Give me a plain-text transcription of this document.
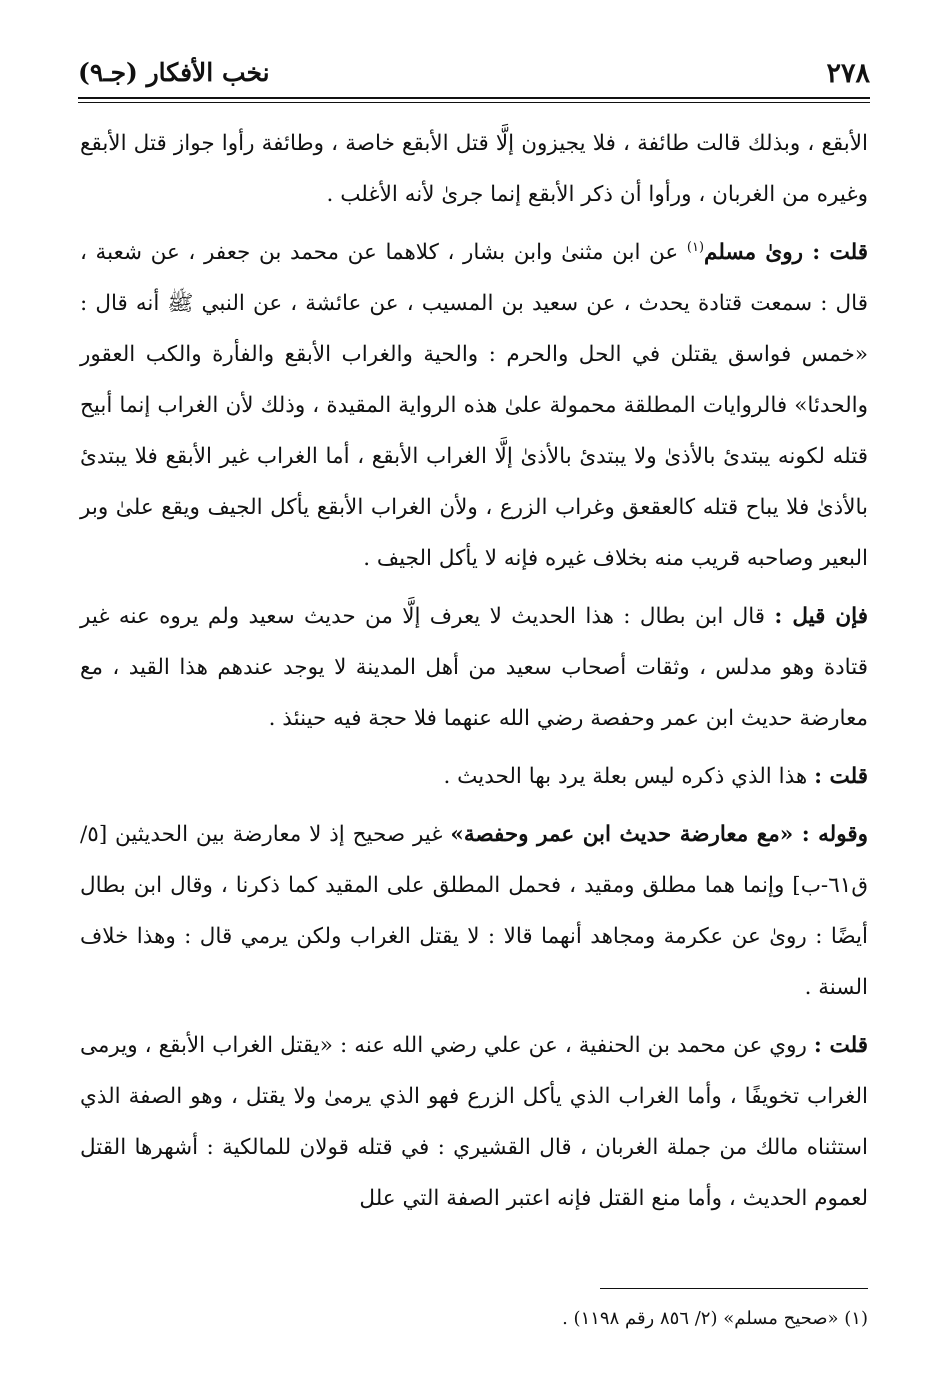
٢٧٨
نخب الأفكار (جـ٩)

الأبقع ، وبذلك قالت طائفة ، فلا يجيزون إلَّا قتل الأبقع خاصة ، وطائفة رأوا جواز قتل الأبقع وغيره من الغربان ، ورأوا أن ذكر الأبقع إنما جرىٰ لأنه الأغلب .

قلت : روىٰ مسلم$^{(١)}$ عن ابن مثنىٰ وابن بشار ، كلاهما عن محمد بن جعفر ، عن شعبة ، قال : سمعت قتادة يحدث ، عن سعيد بن المسيب ، عن عائشة ، عن النبي ﷺ أنه قال : «خمس فواسق يقتلن في الحل والحرم : والحية والغراب الأبقع والفأرة والكب العقور والحدئا» فالروايات المطلقة محمولة علىٰ هذه الرواية المقيدة ، وذلك لأن الغراب إنما أبيح قتله لكونه يبتدئ بالأذىٰ ولا يبتدئ بالأذىٰ إلَّا الغراب الأبقع ، أما الغراب غير الأبقع فلا يبتدئ بالأذىٰ فلا يباح قتله كالعقعق وغراب الزرع ، ولأن الغراب الأبقع يأكل الجيف ويقع علىٰ وبر البعير وصاحبه قريب منه بخلاف غيره فإنه لا يأكل الجيف .

فإن قيل : قال ابن بطال : هذا الحديث لا يعرف إلَّا من حديث سعيد ولم يروه عنه غير قتادة وهو مدلس ، وثقات أصحاب سعيد من أهل المدينة لا يوجد عندهم هذا القيد ، مع معارضة حديث ابن عمر وحفصة رضي الله عنهما فلا حجة فيه حينئذ .

قلت : هذا الذي ذكره ليس بعلة يرد بها الحديث .

وقوله : «مع معارضة حديث ابن عمر وحفصة» غير صحيح إذ لا معارضة بين الحديثين [٥/ ق٦١-ب] وإنما هما مطلق ومقيد ، فحمل المطلق على المقيد كما ذكرنا ، وقال ابن بطال أيضًا : روىٰ عن عكرمة ومجاهد أنهما قالا : لا يقتل الغراب ولكن يرمي قال : وهذا خلاف السنة .

قلت : روي عن محمد بن الحنفية ، عن علي رضي الله عنه : «يقتل الغراب الأبقع ، ويرمى الغراب تخويفًا ، وأما الغراب الذي يأكل الزرع فهو الذي يرمىٰ ولا يقتل ، وهو الصفة الذي استثناه مالك من جملة الغربان ، قال القشيري : في قتله قولان للمالكية : أشهرها القتل لعموم الحديث ، وأما منع القتل فإنه اعتبر الصفة التي علل

(١) «صحيح مسلم» (٢/ ٨٥٦ رقم ١١٩٨) .
